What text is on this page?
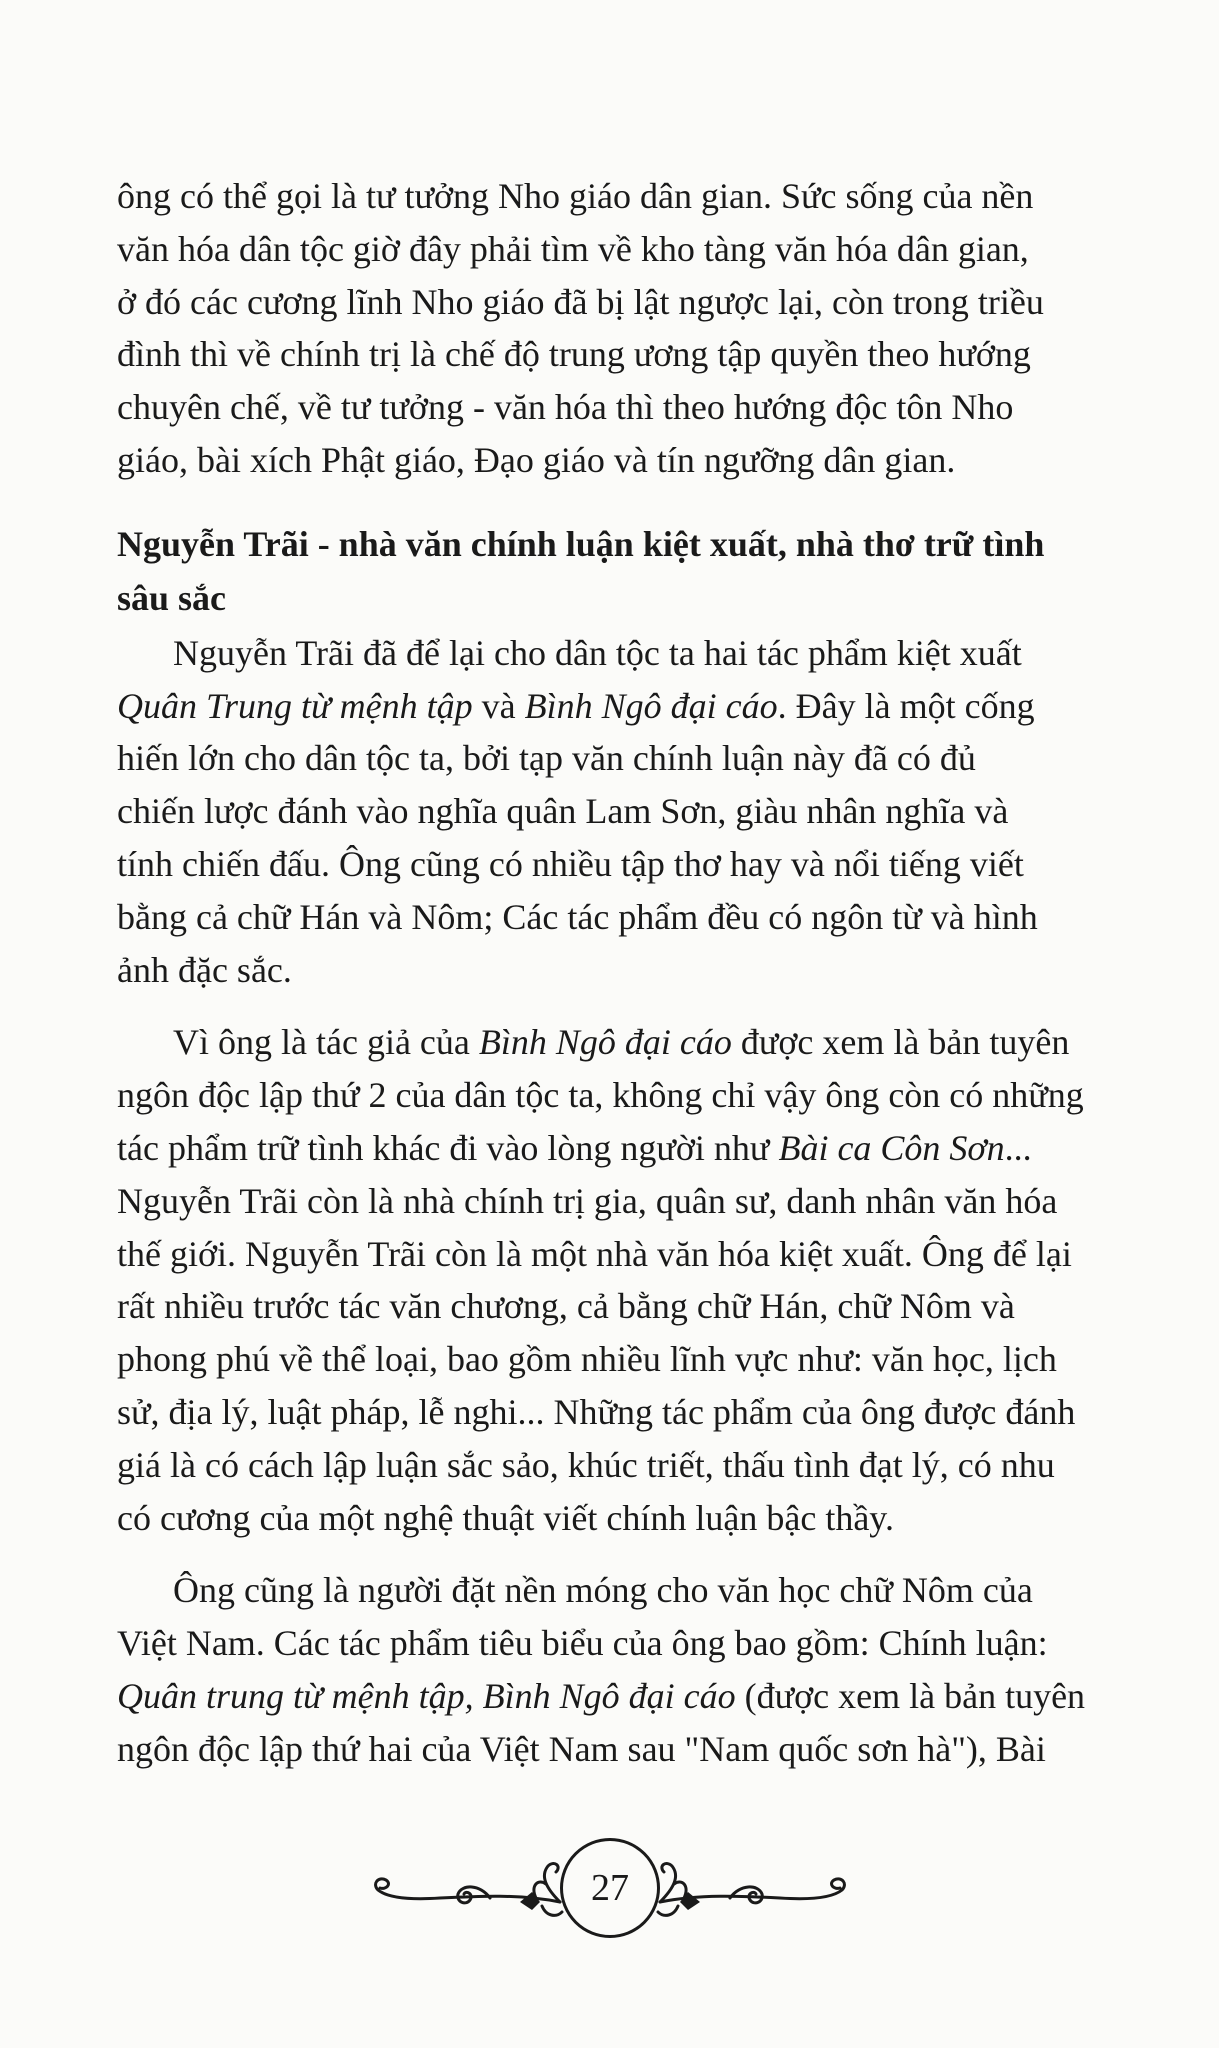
ông có thể gọi là tư tưởng Nho giáo dân gian. Sức sống của nền
văn hóa dân tộc giờ đây phải tìm về kho tàng văn hóa dân gian,
ở đó các cương lĩnh Nho giáo đã bị lật ngược lại, còn trong triều
đình thì về chính trị là chế độ trung ương tập quyền theo hướng
chuyên chế, về tư tưởng - văn hóa thì theo hướng độc tôn Nho
giáo, bài xích Phật giáo, Đạo giáo và tín ngưỡng dân gian.

Nguyễn Trãi - nhà văn chính luận kiệt xuất, nhà thơ trữ tình
sâu sắc

Nguyễn Trãi đã để lại cho dân tộc ta hai tác phẩm kiệt xuất
Quân Trung từ mệnh tập và Bình Ngô đại cáo. Đây là một cống
hiến lớn cho dân tộc ta, bởi tạp văn chính luận này đã có đủ
chiến lược đánh vào nghĩa quân Lam Sơn, giàu nhân nghĩa và
tính chiến đấu. Ông cũng có nhiều tập thơ hay và nổi tiếng viết
bằng cả chữ Hán và Nôm; Các tác phẩm đều có ngôn từ và hình
ảnh đặc sắc.

Vì ông là tác giả của Bình Ngô đại cáo được xem là bản tuyên
ngôn độc lập thứ 2 của dân tộc ta, không chỉ vậy ông còn có những
tác phẩm trữ tình khác đi vào lòng người như Bài ca Côn Sơn...
Nguyễn Trãi còn là nhà chính trị gia, quân sư, danh nhân văn hóa
thế giới. Nguyễn Trãi còn là một nhà văn hóa kiệt xuất. Ông để lại
rất nhiều trước tác văn chương, cả bằng chữ Hán, chữ Nôm và
phong phú về thể loại, bao gồm nhiều lĩnh vực như: văn học, lịch
sử, địa lý, luật pháp, lễ nghi... Những tác phẩm của ông được đánh
giá là có cách lập luận sắc sảo, khúc triết, thấu tình đạt lý, có nhu
có cương của một nghệ thuật viết chính luận bậc thầy.

Ông cũng là người đặt nền móng cho văn học chữ Nôm của
Việt Nam. Các tác phẩm tiêu biểu của ông bao gồm: Chính luận:
Quân trung từ mệnh tập, Bình Ngô đại cáo (được xem là bản tuyên
ngôn độc lập thứ hai của Việt Nam sau "Nam quốc sơn hà"), Bài

27
